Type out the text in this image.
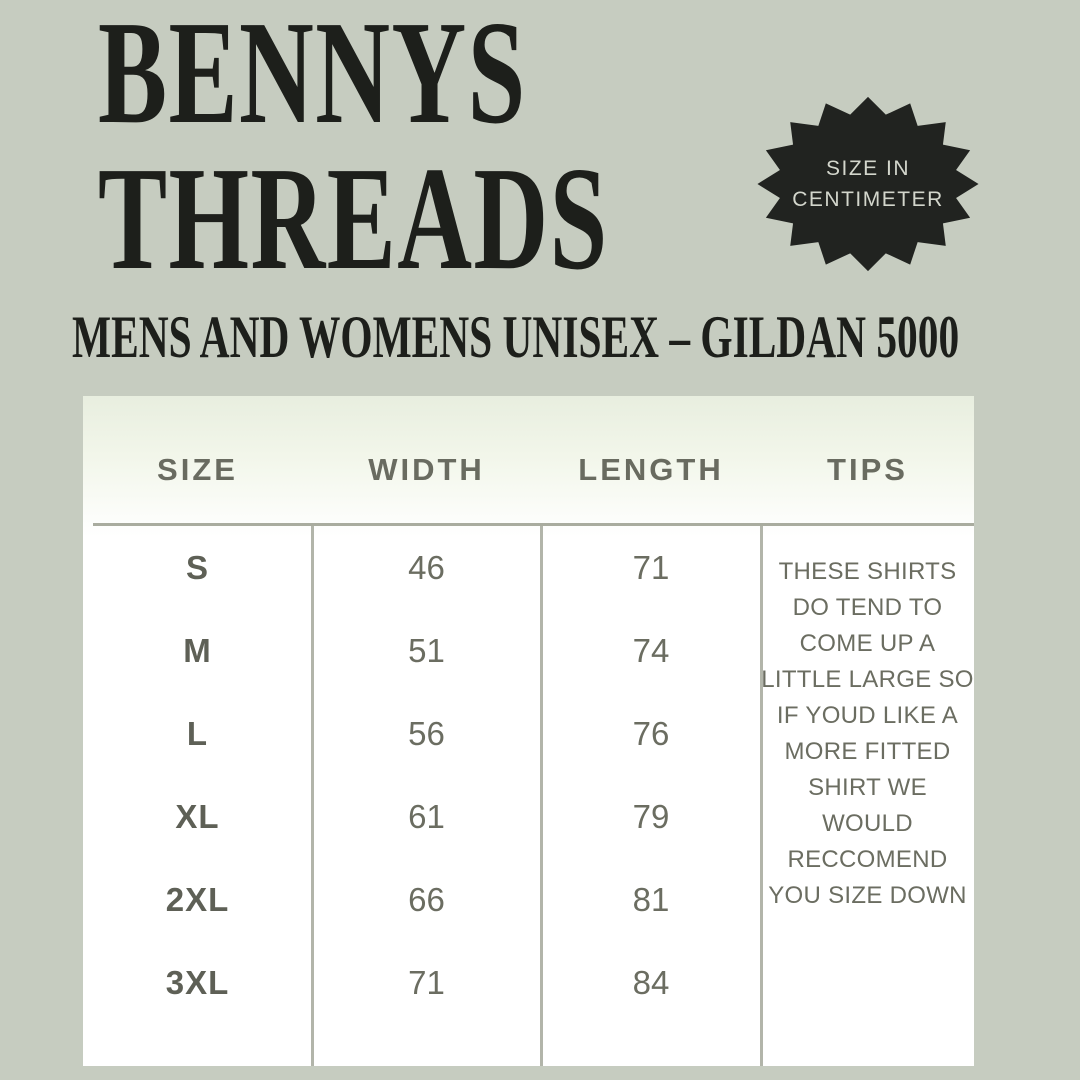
BENNYS
THREADS
MENS AND WOMENS UNISEX – GILDAN 5000
SIZE IN
CENTIMETER
SIZE	WIDTH	LENGTH	TIPS
S	46	71
M	51	74
L	56	76
XL	61	79
2XL	66	81
3XL	71	84
THESE SHIRTS
DO TEND TO
COME UP A
LITTLE LARGE SO
IF YOUD LIKE A
MORE FITTED
SHIRT WE
WOULD
RECCOMEND
YOU SIZE DOWN
